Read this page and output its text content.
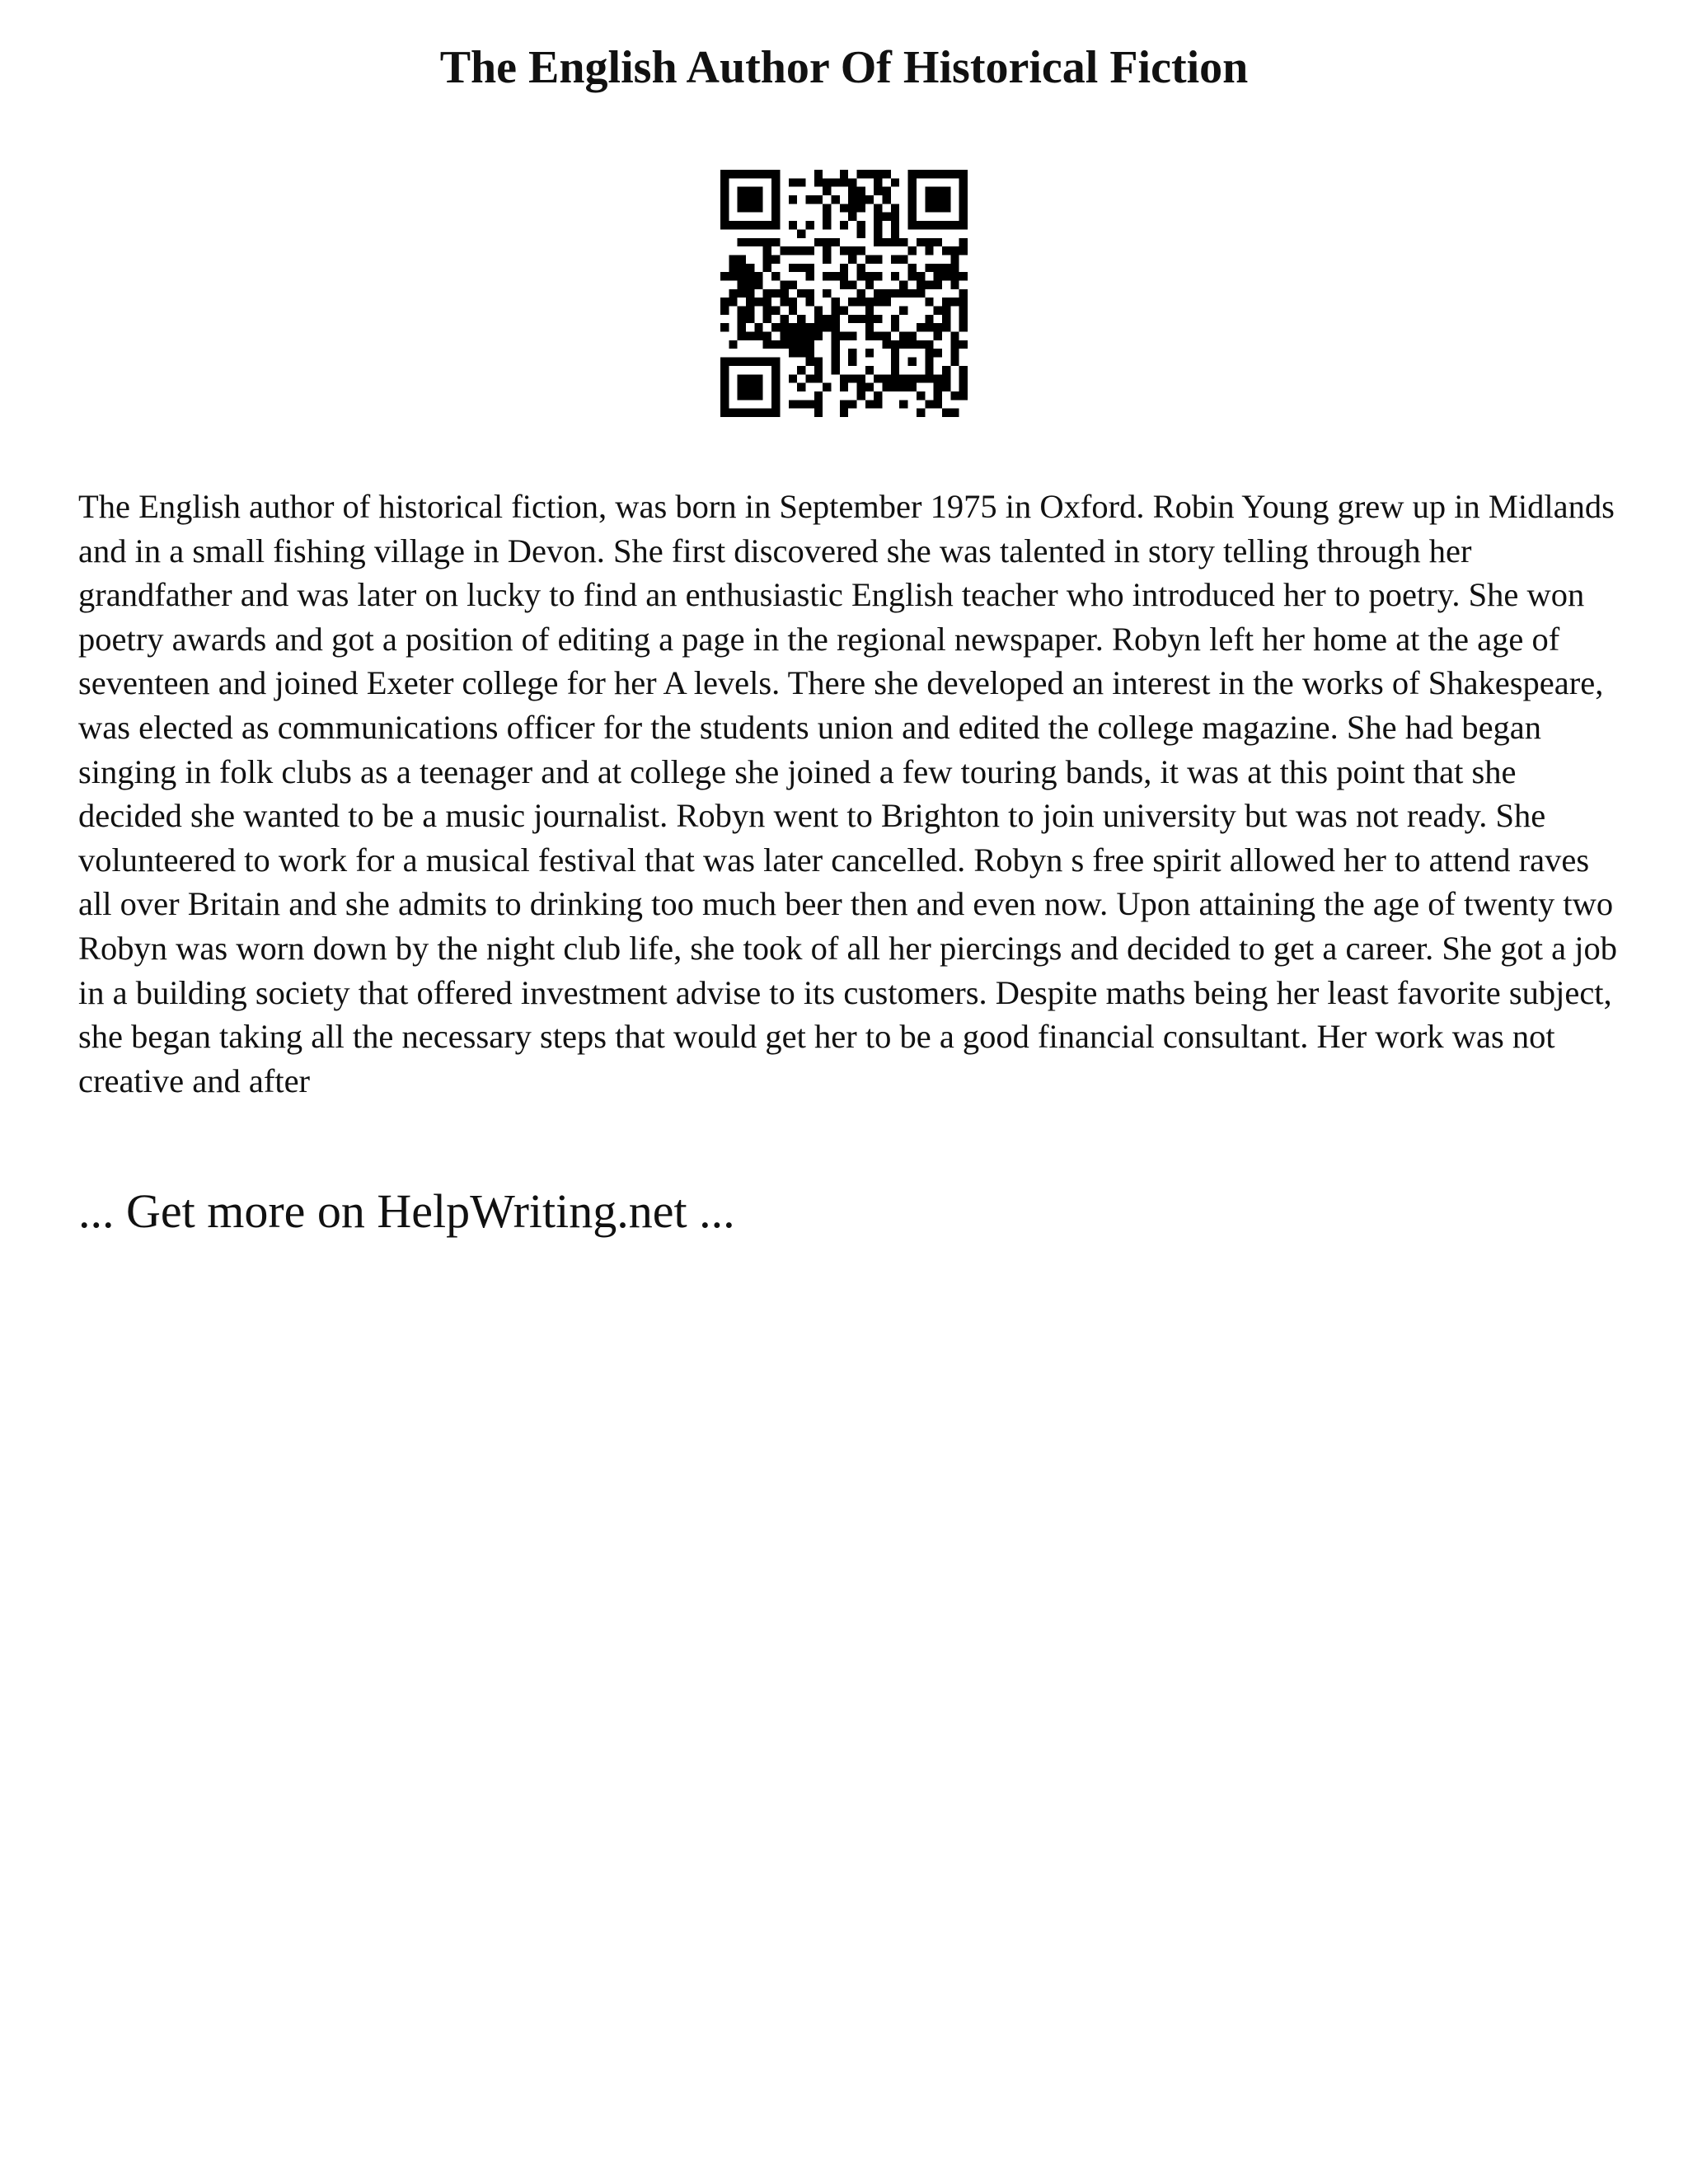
The English Author Of Historical Fiction

The English author of historical fiction, was born in September 1975 in Oxford. Robin Young grew up in Midlands and in a small fishing village in Devon. She first discovered she was talented in story telling through her grandfather and was later on lucky to find an enthusiastic English teacher who introduced her to poetry. She won poetry awards and got a position of editing a page in the regional newspaper. Robyn left her home at the age of seventeen and joined Exeter college for her A levels. There she developed an interest in the works of Shakespeare, was elected as communications officer for the students union and edited the college magazine. She had began singing in folk clubs as a teenager and at college she joined a few touring bands, it was at this point that she decided she wanted to be a music journalist. Robyn went to Brighton to join university but was not ready. She volunteered to work for a musical festival that was later cancelled. Robyn s free spirit allowed her to attend raves all over Britain and she admits to drinking too much beer then and even now. Upon attaining the age of twenty two Robyn was worn down by the night club life, she took of all her piercings and decided to get a career. She got a job in a building society that offered investment advise to its customers. Despite maths being her least favorite subject, she began taking all the necessary steps that would get her to be a good financial consultant. Her work was not creative and after

... Get more on HelpWriting.net ...
